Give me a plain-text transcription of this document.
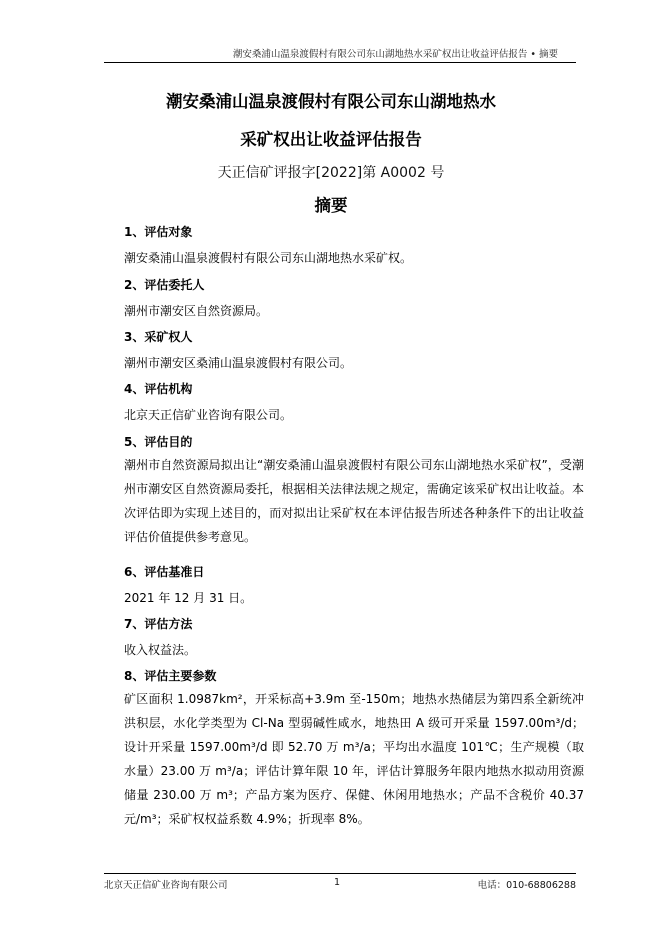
潮安桑浦山温泉渡假村有限公司东山湖地热水采矿权出让收益评估报告 • 摘要
潮安桑浦山温泉渡假村有限公司东山湖地热水
采矿权出让收益评估报告
天正信矿评报字[2022]第 A0002 号
摘要
1、评估对象
潮安桑浦山温泉渡假村有限公司东山湖地热水采矿权。
2、评估委托人
潮州市潮安区自然资源局。
3、采矿权人
潮州市潮安区桑浦山温泉渡假村有限公司。
4、评估机构
北京天正信矿业咨询有限公司。
5、评估目的
潮州市自然资源局拟出让“潮安桑浦山温泉渡假村有限公司东山湖地热水采矿权”，受潮州市潮安区自然资源局委托，根据相关法律法规之规定，需确定该采矿权出让收益。本次评估即为实现上述目的，而对拟出让采矿权在本评估报告所述各种条件下的出让收益评估价值提供参考意见。
6、评估基准日
2021 年 12 月 31 日。
7、评估方法
收入权益法。
8、评估主要参数
矿区面积 1.0987km²，开采标高+3.9m 至-150m；地热水热储层为第四系全新统冲洪积层，水化学类型为 Cl-Na 型弱碱性咸水，地热田 A 级可开采量 1597.00m³/d；设计开采量 1597.00m³/d 即 52.70 万 m³/a；平均出水温度 101℃；生产规模（取水量）23.00 万 m³/a；评估计算年限 10 年，评估计算服务年限内地热水拟动用资源储量 230.00 万 m³；产品方案为医疗、保健、休闲用地热水；产品不含税价 40.37 元/m³；采矿权权益系数 4.9%；折现率 8%。
北京天正信矿业咨询有限公司	1	电话：010-68806288
